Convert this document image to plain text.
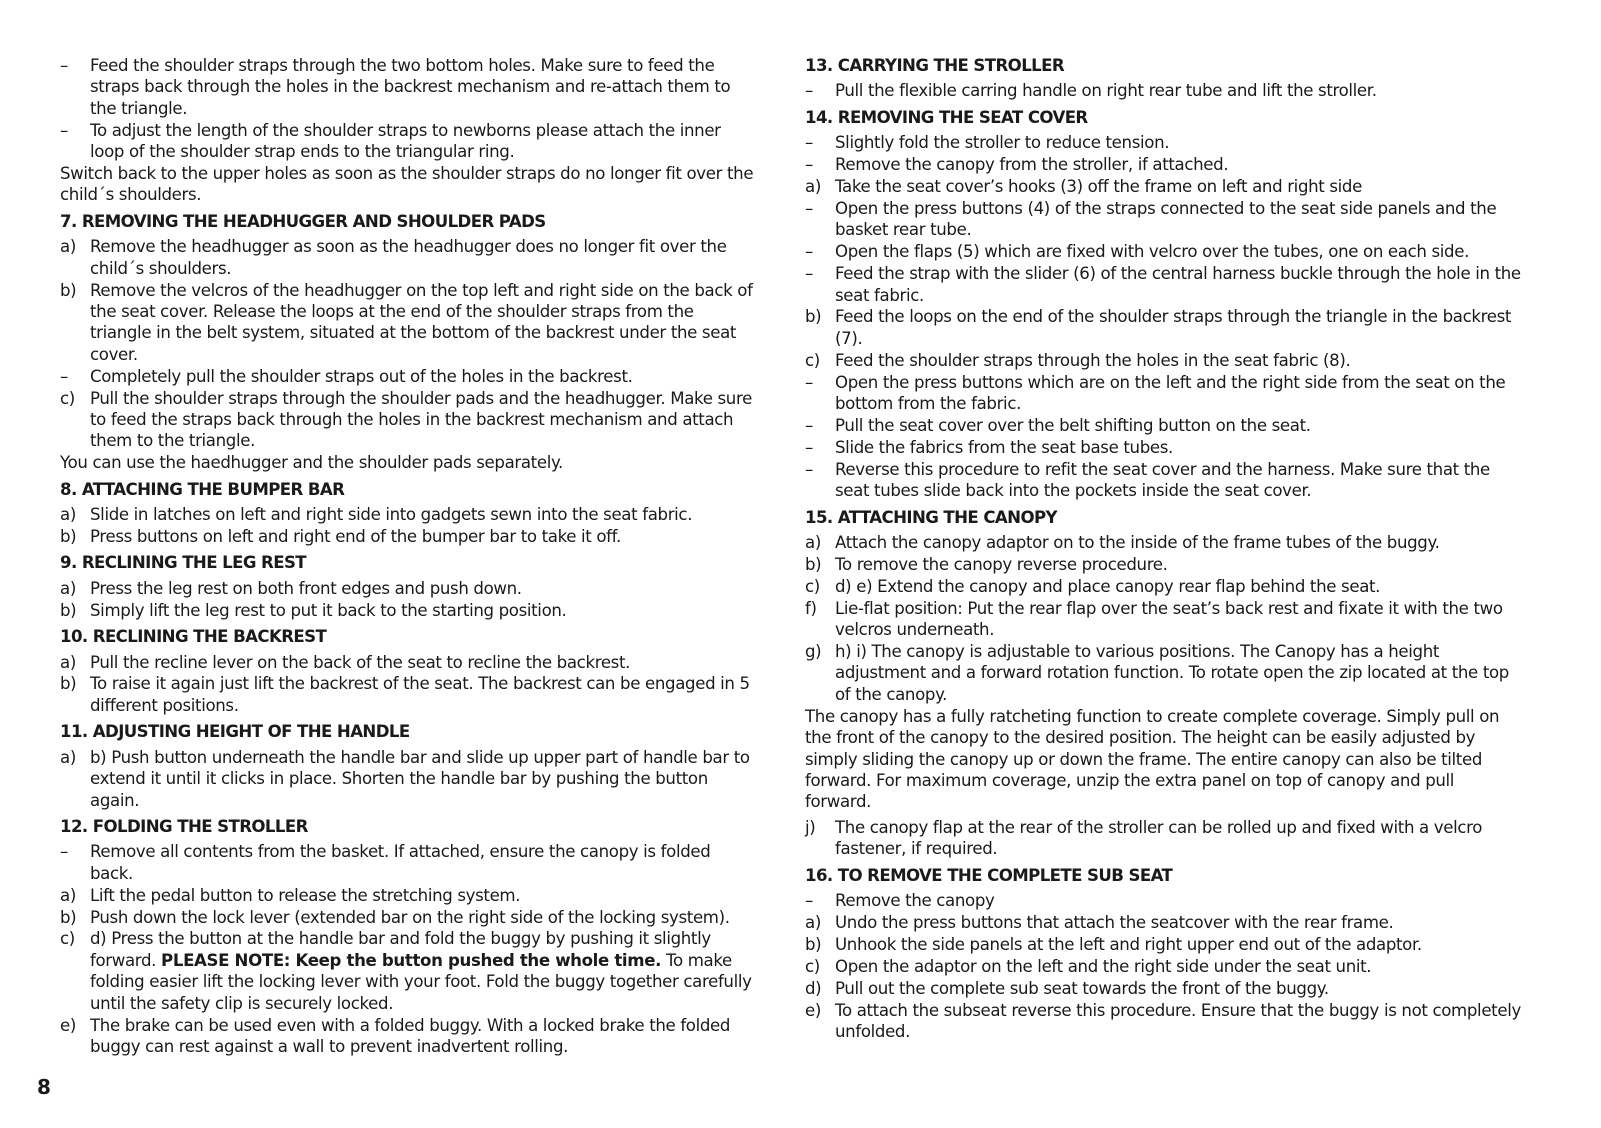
–	Feed the shoulder straps through the two bottom holes. Make sure to feed the straps back through the holes in the backrest mechanism and re-attach them to the triangle.
–	To adjust the length of the shoulder straps to newborns please attach the inner loop of the shoulder strap ends to the triangular ring.
Switch back to the upper holes as soon as the shoulder straps do no longer fit over the child´s shoulders.
7. REMOVING THE HEADHUGGER AND SHOULDER PADS
a) Remove the headhugger as soon as the headhugger does no longer fit over the child´s shoulders.
b) Remove the velcros of the headhugger on the top left and right side on the back of the seat cover. Release the loops at the end of the shoulder straps from the triangle in the belt system, situated at the bottom of the backrest under the seat cover.
–	Completely pull the shoulder straps out of the holes in the backrest.
c) Pull the shoulder straps through the shoulder pads and the headhugger. Make sure to feed the straps back through the holes in the backrest mechanism and attach them to the triangle.
You can use the haedhugger and the shoulder pads separately.
8. ATTACHING THE BUMPER BAR
a) Slide in latches on left and right side into gadgets sewn into the seat fabric.
b) Press buttons on left and right end of the bumper bar to take it off.
9. RECLINING THE LEG REST
a) Press the leg rest on both front edges and push down.
b) Simply lift the leg rest to put it back to the starting position.
10. RECLINING THE BACKREST
a) Pull the recline lever on the back of the seat to recline the backrest.
b) To raise it again just lift the backrest of the seat. The backrest can be engaged in 5 different positions.
11. ADJUSTING HEIGHT OF THE HANDLE
a) b) Push button underneath the handle bar and slide up upper part of handle bar to extend it until it clicks in place. Shorten the handle bar by pushing the button again.
12. FOLDING THE STROLLER
–	Remove all contents from the basket. If attached, ensure the canopy is folded back.
a) Lift the pedal button to release the stretching system.
b) Push down the lock lever (extended bar on the right side of the locking system).
c) d) Press the button at the handle bar and fold the buggy by pushing it slightly forward. PLEASE NOTE: Keep the button pushed the whole time. To make folding easier lift the locking lever with your foot. Fold the buggy together carefully until the safety clip is securely locked.
e) The brake can be used even with a folded buggy. With a locked brake the folded buggy can rest against a wall to prevent inadvertent rolling.
13. CARRYING THE STROLLER
–	Pull the flexible carring handle on right rear tube and lift the stroller.
14. REMOVING THE SEAT COVER
–	Slightly fold the stroller to reduce tension.
–	Remove the canopy from the stroller, if attached.
a) Take the seat cover’s hooks (3) off the frame on left and right side
–	Open the press buttons (4) of the straps connected to the seat side panels and the basket rear tube.
–	Open the flaps (5) which are fixed with velcro over the tubes, one on each side.
–	Feed the strap with the slider (6) of the central harness buckle through the hole in the seat fabric.
b) Feed the loops on the end of the shoulder straps through the triangle in the backrest (7).
c) Feed the shoulder straps through the holes in the seat fabric (8).
–	Open the press buttons which are on the left and the right side from the seat on the bottom from the fabric.
–	Pull the seat cover over the belt shifting button on the seat.
–	Slide the fabrics from the seat base tubes.
–	Reverse this procedure to refit the seat cover and the harness. Make sure that the seat tubes slide back into the pockets inside the seat cover.
15. ATTACHING THE CANOPY
a) Attach the canopy adaptor on to the inside of the frame tubes of the buggy.
b) To remove the canopy reverse procedure.
c) d) e) Extend the canopy and place canopy rear flap behind the seat.
f)	Lie-flat position: Put the rear flap over the seat’s back rest and fixate it with the two velcros underneath.
g) h) i) The canopy is adjustable to various positions. The Canopy has a height adjustment and a forward rotation function. To rotate open the zip located at the top of the canopy.
The canopy has a fully ratcheting function to create complete coverage. Simply pull on the front of the canopy to the desired position. The height can be easily adjusted by simply sliding the canopy up or down the frame. The entire canopy can also be tilted forward. For maximum coverage, unzip the extra panel on top of canopy and pull forward.
j)	The canopy flap at the rear of the stroller can be rolled up and fixed with a velcro fastener, if required.
16. TO REMOVE THE COMPLETE SUB SEAT
–	Remove the canopy
a) Undo the press buttons that attach the seatcover with the rear frame.
b) Unhook the side panels at the left and right upper end out of the adaptor.
c) Open the adaptor on the left and the right side under the seat unit.
d) Pull out the complete sub seat towards the front of the buggy.
e) To attach the subseat reverse this procedure. Ensure that the buggy is not completely unfolded.
8
